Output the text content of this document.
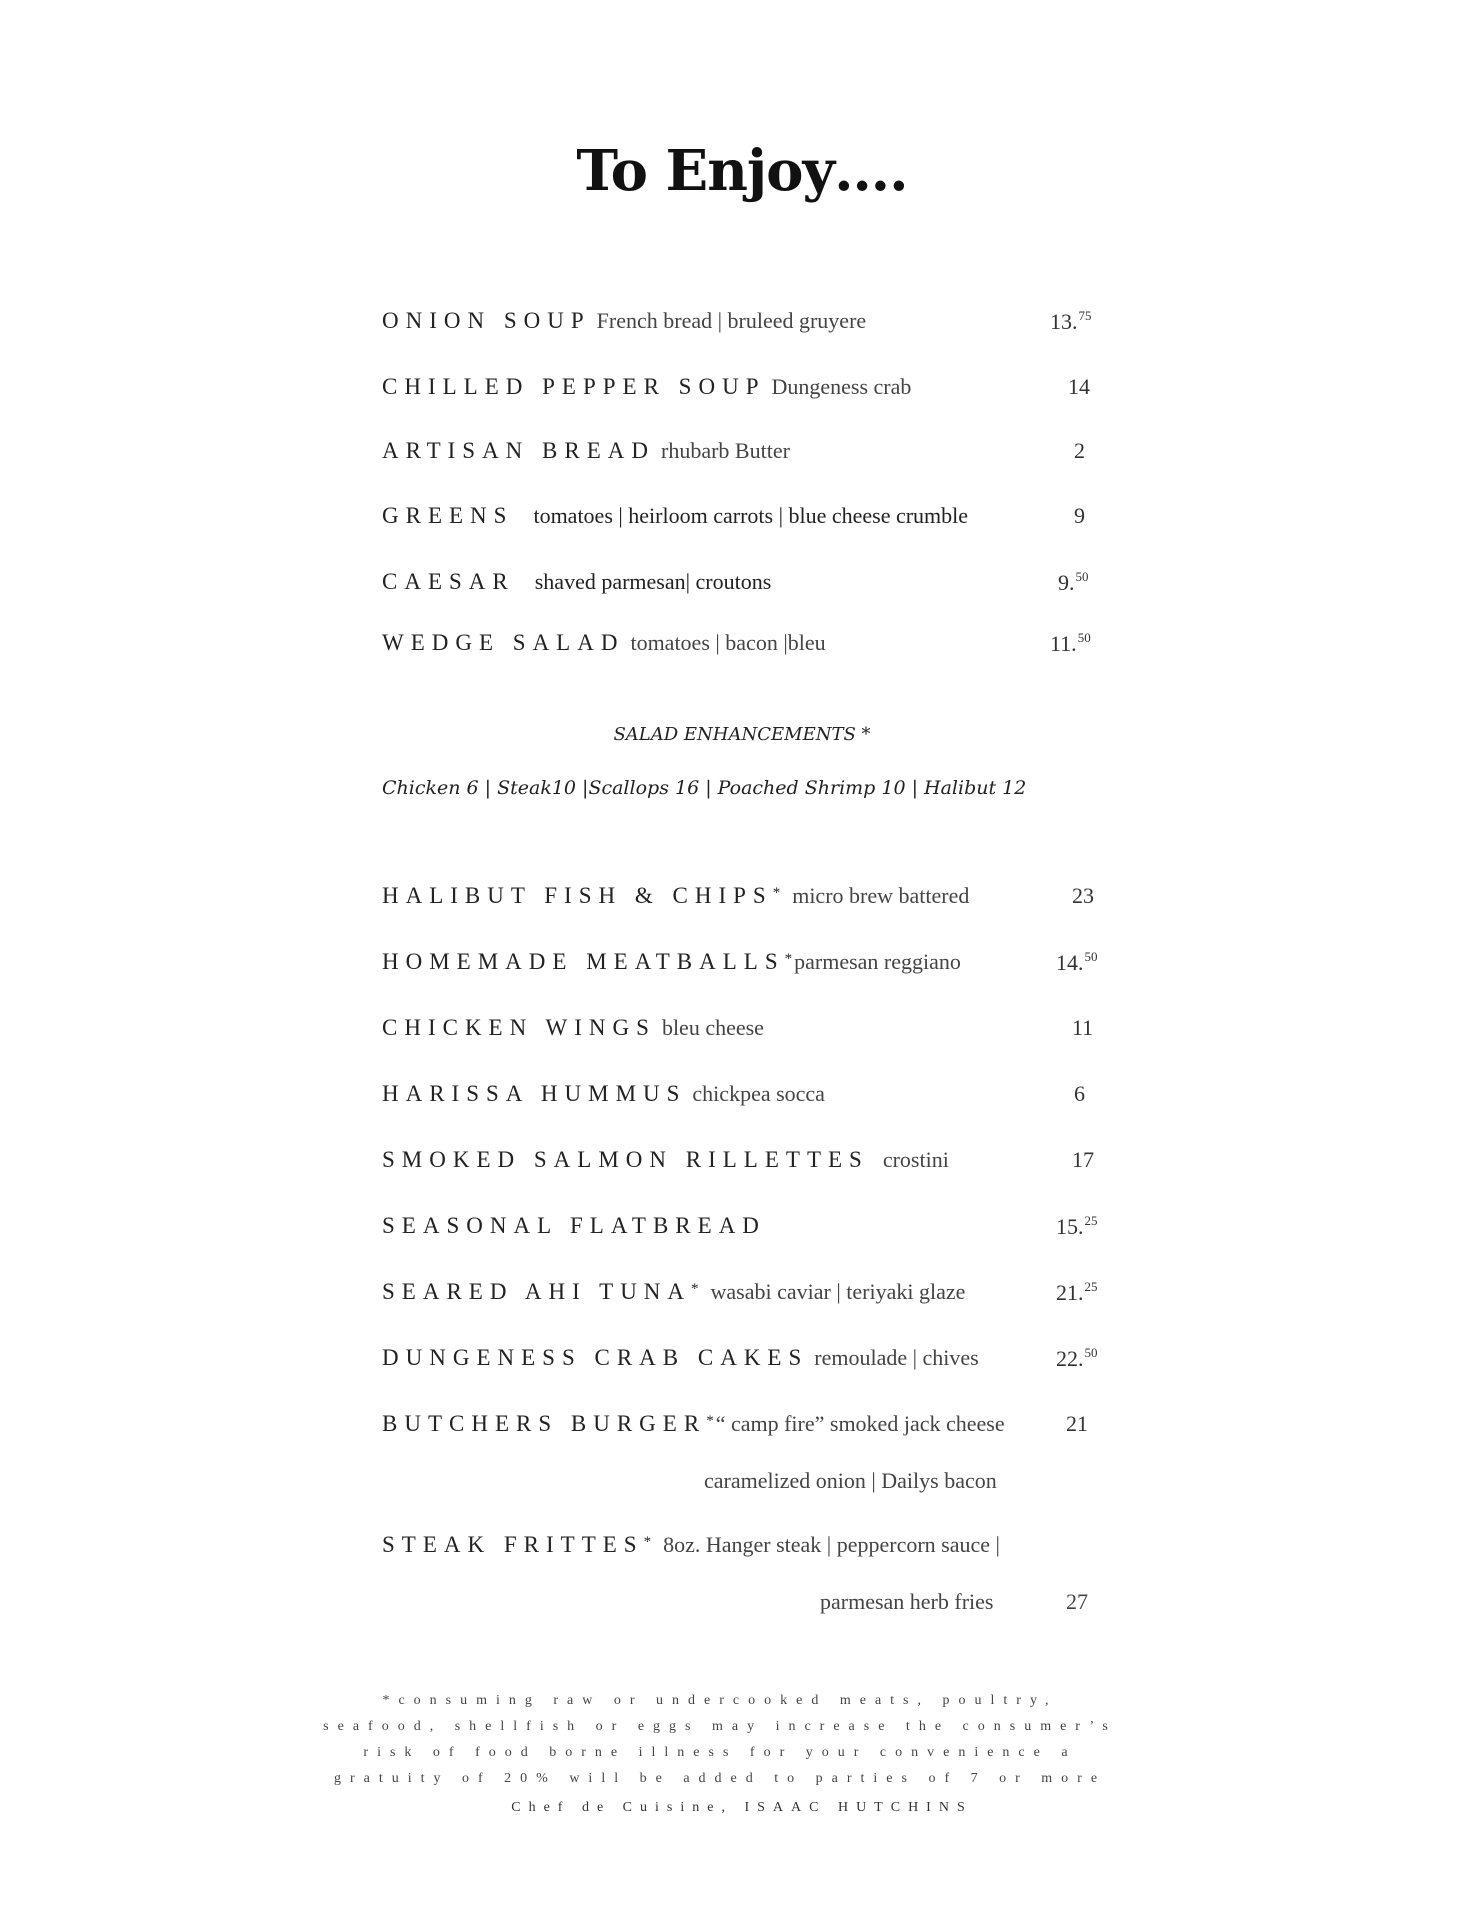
To Enjoy….
ONION SOUP French bread | bruleed gruyere	13.75
CHILLED PEPPER SOUP Dungeness crab	14
ARTISAN BREAD rhubarb Butter	2
GREENS tomatoes | heirloom carrots | blue cheese crumble	9
CAESAR shaved parmesan| croutons	9.50
WEDGE SALAD tomatoes | bacon |bleu	11.50
SALAD ENHANCEMENTS *
Chicken 6 | Steak10 |Scallops 16 | Poached Shrimp 10 | Halibut 12
HALIBUT FISH & CHIPS* micro brew battered	23
HOMEMADE MEATBALLS*parmesan reggiano	14.50
CHICKEN WINGS bleu cheese	11
HARISSA HUMMUS chickpea socca	6
SMOKED SALMON RILLETTES crostini	17
SEASONAL FLATBREAD	15.25
SEARED AHI TUNA* wasabi caviar | teriyaki glaze	21.25
DUNGENESS CRAB CAKES remoulade | chives	22.50
BUTCHERS BURGER*“ camp fire” smoked jack cheese	21
caramelized onion | Dailys bacon
STEAK FRITTES* 8oz. Hanger steak | peppercorn sauce |
parmesan herb fries	27
*consuming raw or undercooked meats, poultry, seafood, shellfish or eggs may increase the consumer’s risk of food borne illness for your convenience a gratuity of 20% will be added to parties of 7 or more
Chef de Cuisine, ISAAC HUTCHINS
